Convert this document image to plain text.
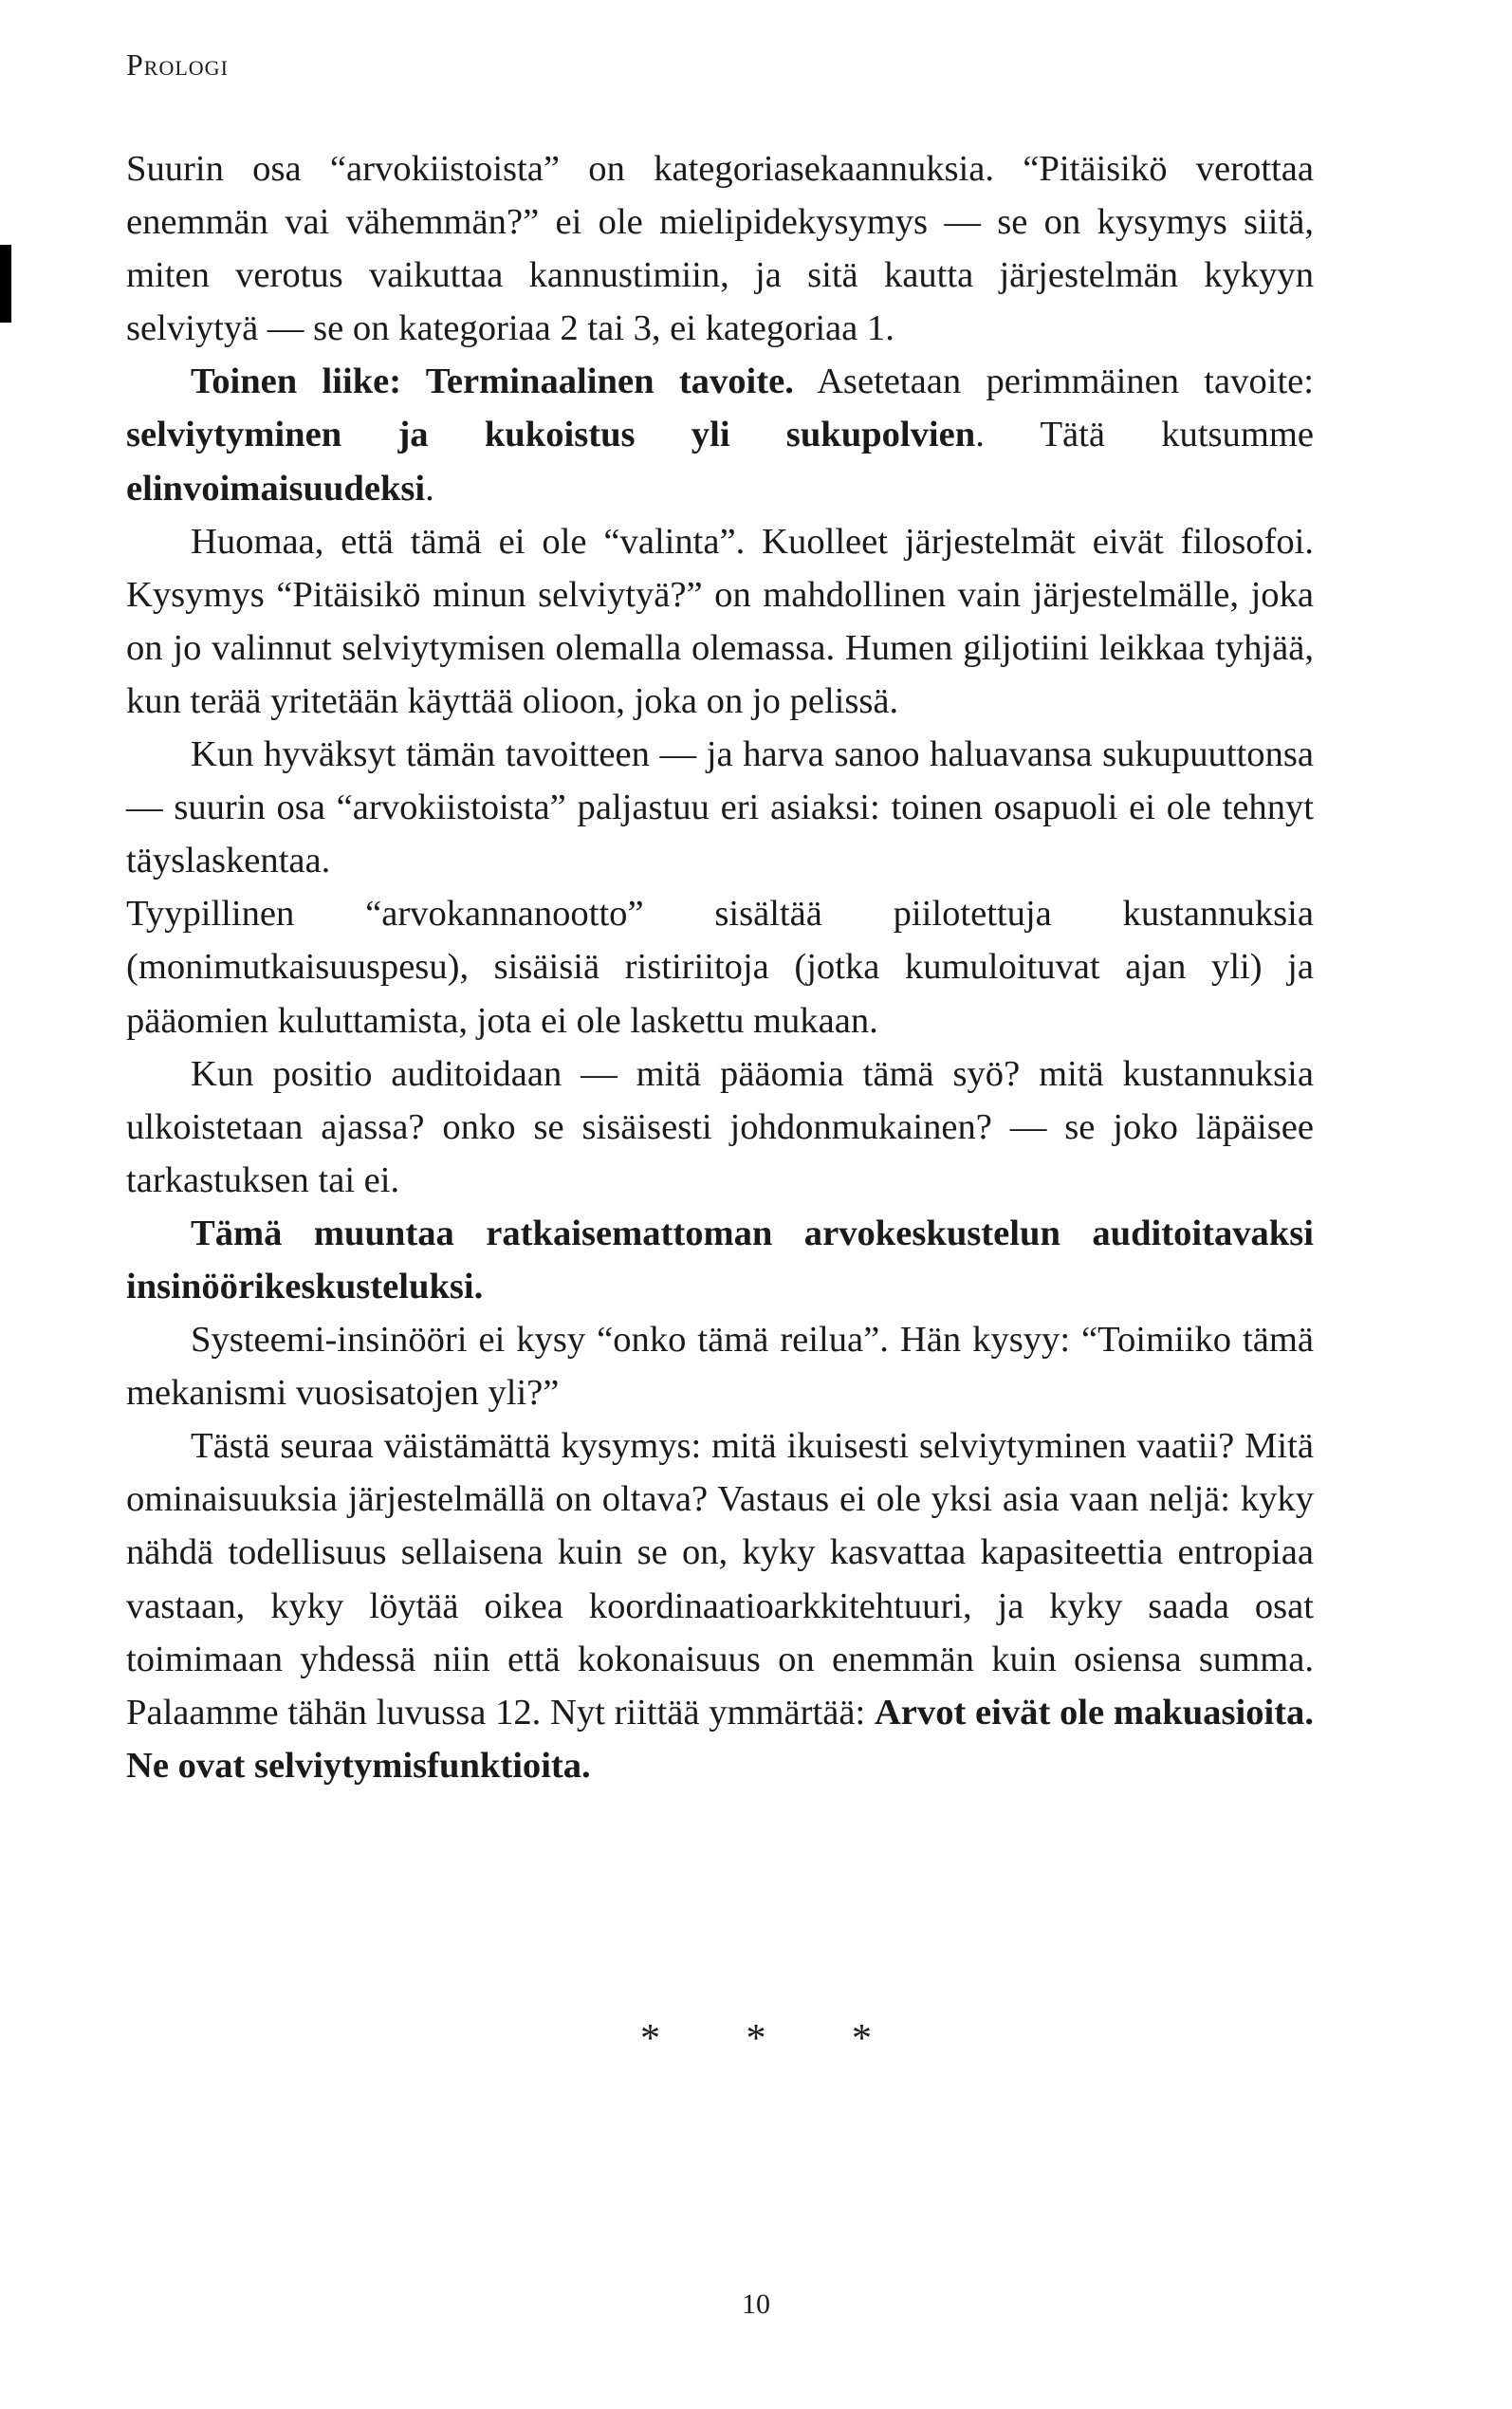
Prologi

Suurin osa “arvokiistoista” on kategoriasekaannuksia. “Pitäisikö verottaa enemmän vai vähemmän?” ei ole mielipidekysymys — se on kysymys siitä, miten verotus vaikuttaa kannustimiin, ja sitä kautta järjestelmän kykyyn selviytyä — se on kategoriaa 2 tai 3, ei kategoriaa 1.

Toinen liike: Terminaalinen tavoite. Asetetaan perimmäinen tavoite: selviytyminen ja kukoistus yli sukupolvien. Tätä kutsumme elinvoimaisuudeksi.

Huomaa, että tämä ei ole “valinta”. Kuolleet järjestelmät eivät filosofoi. Kysymys “Pitäisikö minun selviytyä?” on mahdollinen vain järjestelmälle, joka on jo valinnut selviytymisen olemalla olemassa. Humen giljotiini leikkaa tyhjää, kun terää yritetään käyttää olioon, joka on jo pelissä.

Kun hyväksyt tämän tavoitteen — ja harva sanoo haluavansa sukupuuttonsa — suurin osa “arvokiistoista” paljastuu eri asiaksi: toinen osapuoli ei ole tehnyt täyslaskentaa.

Tyypillinen “arvokannanootto” sisältää piilotettuja kustannuksia (monimutkaisuuspesu), sisäisiä ristiriitoja (jotka kumuloituvat ajan yli) ja pääomien kuluttamista, jota ei ole laskettu mukaan.

Kun positio auditoidaan — mitä pääomia tämä syö? mitä kustannuksia ulkoistetaan ajassa? onko se sisäisesti johdonmukainen? — se joko läpäisee tarkastuksen tai ei.

Tämä muuntaa ratkaisemattoman arvokeskustelun auditoitavaksi insinöörikeskusteluksi.

Systeemi-insinööri ei kysy “onko tämä reilua”. Hän kysyy: “Toimiiko tämä mekanismi vuosisatojen yli?”

Tästä seuraa väistämättä kysymys: mitä ikuisesti selviytyminen vaatii? Mitä ominaisuuksia järjestelmällä on oltava? Vastaus ei ole yksi asia vaan neljä: kyky nähdä todellisuus sellaisena kuin se on, kyky kasvattaa kapasiteettia entropiaa vastaan, kyky löytää oikea koordinaatioarkkitehtuuri, ja kyky saada osat toimimaan yhdessä niin että kokonaisuus on enemmän kuin osiensa summa. Palaamme tähän luvussa 12. Nyt riittää ymmärtää: Arvot eivät ole makuasioita. Ne ovat selviytymisfunktioita.

* * *
10
